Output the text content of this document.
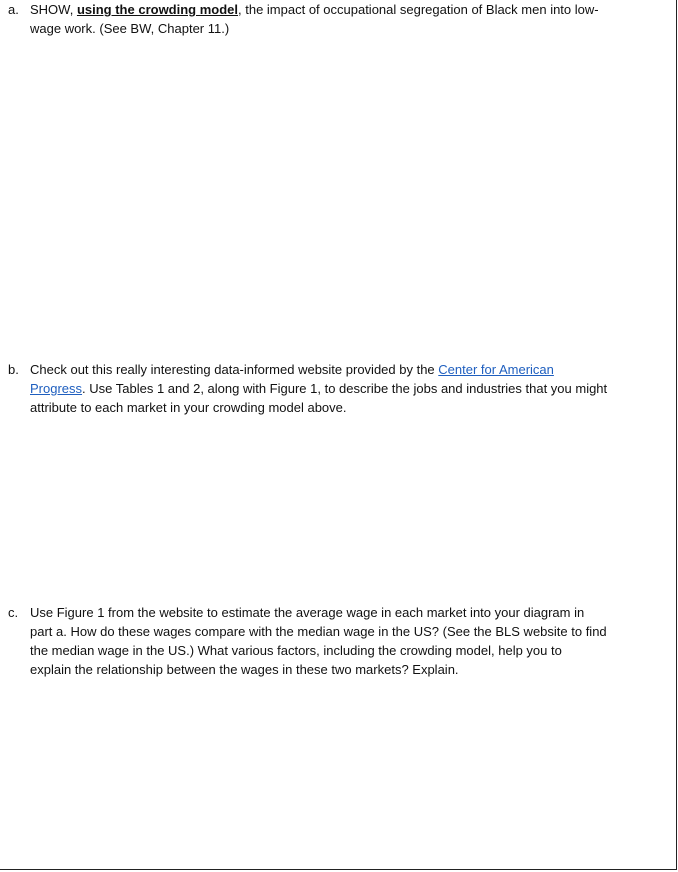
a. SHOW, using the crowding model, the impact of occupational segregation of Black men into low-
wage work. (See BW, Chapter 11.)
b. Check out this really interesting data-informed website provided by the Center for American
Progress. Use Tables 1 and 2, along with Figure 1, to describe the jobs and industries that you might
attribute to each market in your crowding model above.
c. Use Figure 1 from the website to estimate the average wage in each market into your diagram in
part a. How do these wages compare with the median wage in the US? (See the BLS website to find
the median wage in the US.) What various factors, including the crowding model, help you to
explain the relationship between the wages in these two markets? Explain.
